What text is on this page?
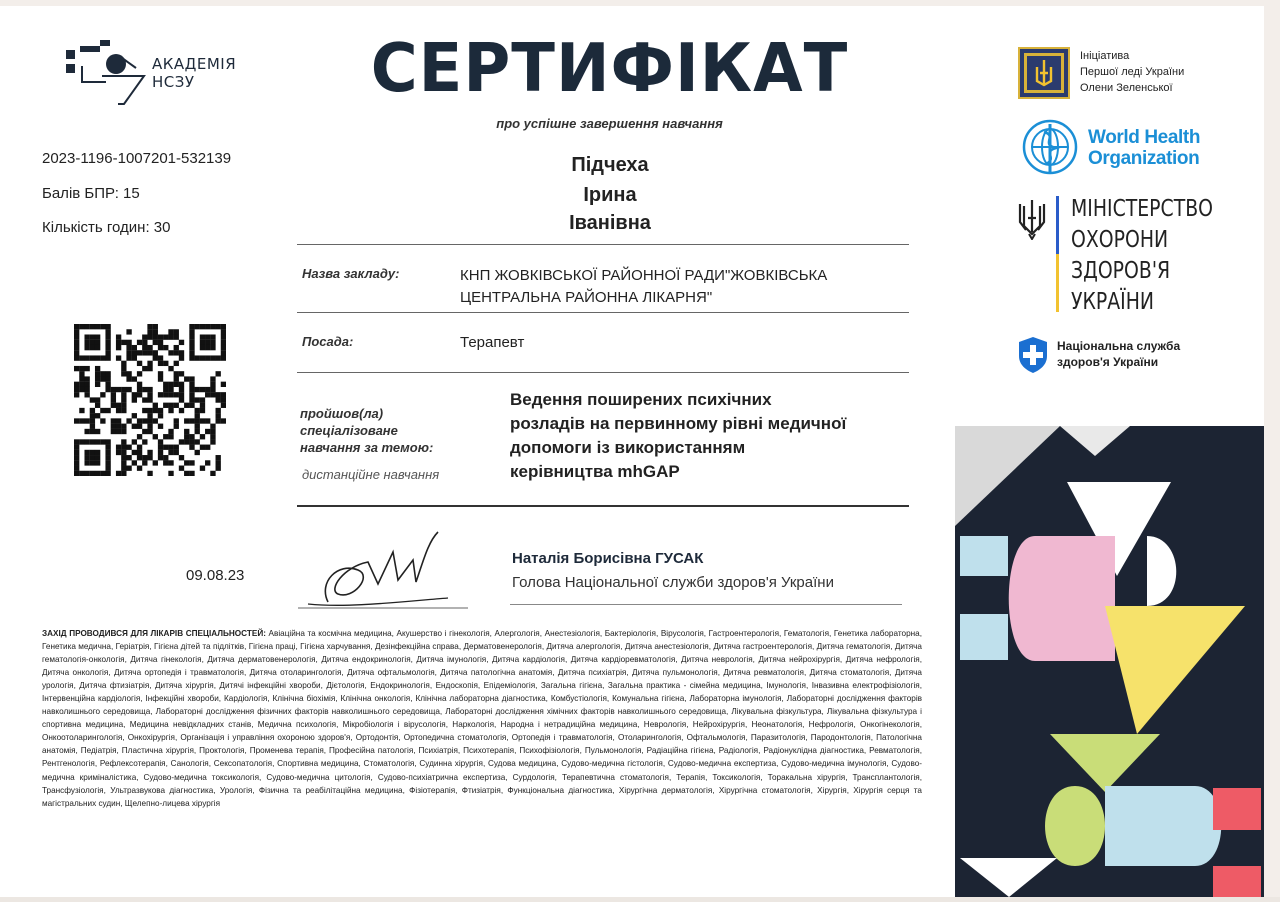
АКАДЕМІЯ
НСЗУ	СЕРТИФІКАТ
про успішне завершення навчання
2023-1196-1007201-532139
Балів БПР: 15
Кількість годин: 30
Підчеха
Ірина
Іванівна
Назва закладу:	КНП ЖОВКІВСЬКОЇ РАЙОННОЇ РАДИ"ЖОВКІВСЬКА
ЦЕНТРАЛЬНА РАЙОННА ЛІКАРНЯ"
Посада:	Терапевт
пройшов(ла)
спеціалізоване
навчання за темою:
дистанційне навчання
Ведення поширених психічних
розладів на первинному рівні медичної
допомоги із використанням
керівництва mhGAP
09.08.23
Наталія Борисівна ГУСАК
Голова Національної служби здоров'я України
ЗАХІД ПРОВОДИВСЯ ДЛЯ ЛІКАРІВ СПЕЦІАЛЬНОСТЕЙ: Авіаційна та космічна медицина, Акушерство і гінекологія, Алергологія, Анестезіологія, Бактеріологія, Вірусологія, Гастроентерологія, Гематологія, Генетика лабораторна, Генетика медична, Геріатрія, Гігієна дітей та підлітків, Гігієна праці, Гігієна харчування, Дезінфекційна справа, Дерматовенерологія, Дитяча алергологія, Дитяча анестезіологія, Дитяча гастроентерологія, Дитяча гематологія, Дитяча гематологія-онкологія, Дитяча гінекологія, Дитяча дерматовенерологія, Дитяча ендокринологія, Дитяча імунологія, Дитяча кардіологія, Дитяча кардіоревматологія, Дитяча неврологія, Дитяча нейрохірургія, Дитяча нефрологія, Дитяча онкологія, Дитяча ортопедія і травматологія, Дитяча отоларингологія, Дитяча офтальмологія, Дитяча патологічна анатомія, Дитяча психіатрія, Дитяча пульмонологія, Дитяча ревматологія, Дитяча стоматологія, Дитяча урологія, Дитяча фтизіатрія, Дитяча хірургія, Дитячі інфекційні хвороби, Дієтологія, Ендокринологія, Ендоскопія, Епідеміологія, Загальна гігієна, Загальна практика - сімейна медицина, Імунологія, Інвазивна електрофізіологія, Інтервенційна кардіологія, Інфекційні хвороби, Кардіологія, Клінічна біохімія, Клінічна онкологія, Клінічна лабораторна діагностика, Комбустіологія, Комунальна гігієна, Лабораторна імунологія, Лабораторні дослідження факторів навколишнього середовища, Лабораторні дослідження фізичних факторів навколишнього середовища, Лабораторні дослідження хімічних факторів навколишнього середовища, Лікувальна фізкультура, Лікувальна фізкультура і спортивна медицина, Медицина невідкладних станів, Медична психологія, Мікробіологія і вірусологія, Наркологія, Народна і нетрадиційна медицина, Неврологія, Нейрохірургія, Неонатологія, Нефрологія, Онкогінекологія, Онкоотоларингологія, Онкохірургія, Організація і управління охороною здоров'я, Ортодонтія, Ортопедична стоматологія, Ортопедія і травматологія, Отоларингологія, Офтальмологія, Паразитологія, Пародонтологія, Патологічна анатомія, Педіатрія, Пластична хірургія, Проктологія, Променева терапія, Професійна патологія, Психіатрія, Психотерапія, Психофізіологія, Пульмонологія, Радіаційна гігієна, Радіологія, Радіонуклідна діагностика, Ревматологія, Рентгенологія, Рефлексотерапія, Санологія, Сексопатологія, Спортивна медицина, Стоматологія, Судинна хірургія, Судова медицина, Судово-медична гістологія, Судово-медична експертиза, Судово-медична імунологія, Судово-медична криміналістика, Судово-медична токсикологія, Судово-медична цитологія, Судово-психіатрична експертиза, Сурдологія, Терапевтична стоматологія, Терапія, Токсикологія, Торакальна хірургія, Трансплантологія, Трансфузіологія, Ультразвукова діагностика, Урологія, Фізична та реабілітаційна медицина, Фізіотерапія, Фтизіатрія, Функціональна діагностика, Хірургічна дерматологія, Хірургічна стоматологія, Хірургія, Хірургія серця та магістральних судин, Щелепно-лицева хірургія
Ініціатива
Першої леді України
Олени Зеленської
World Health
Organization
МІНІСТЕРСТВО
ОХОРОНИ
ЗДОРОВ'Я
УКРАЇНИ
Національна служба
здоров'я України
